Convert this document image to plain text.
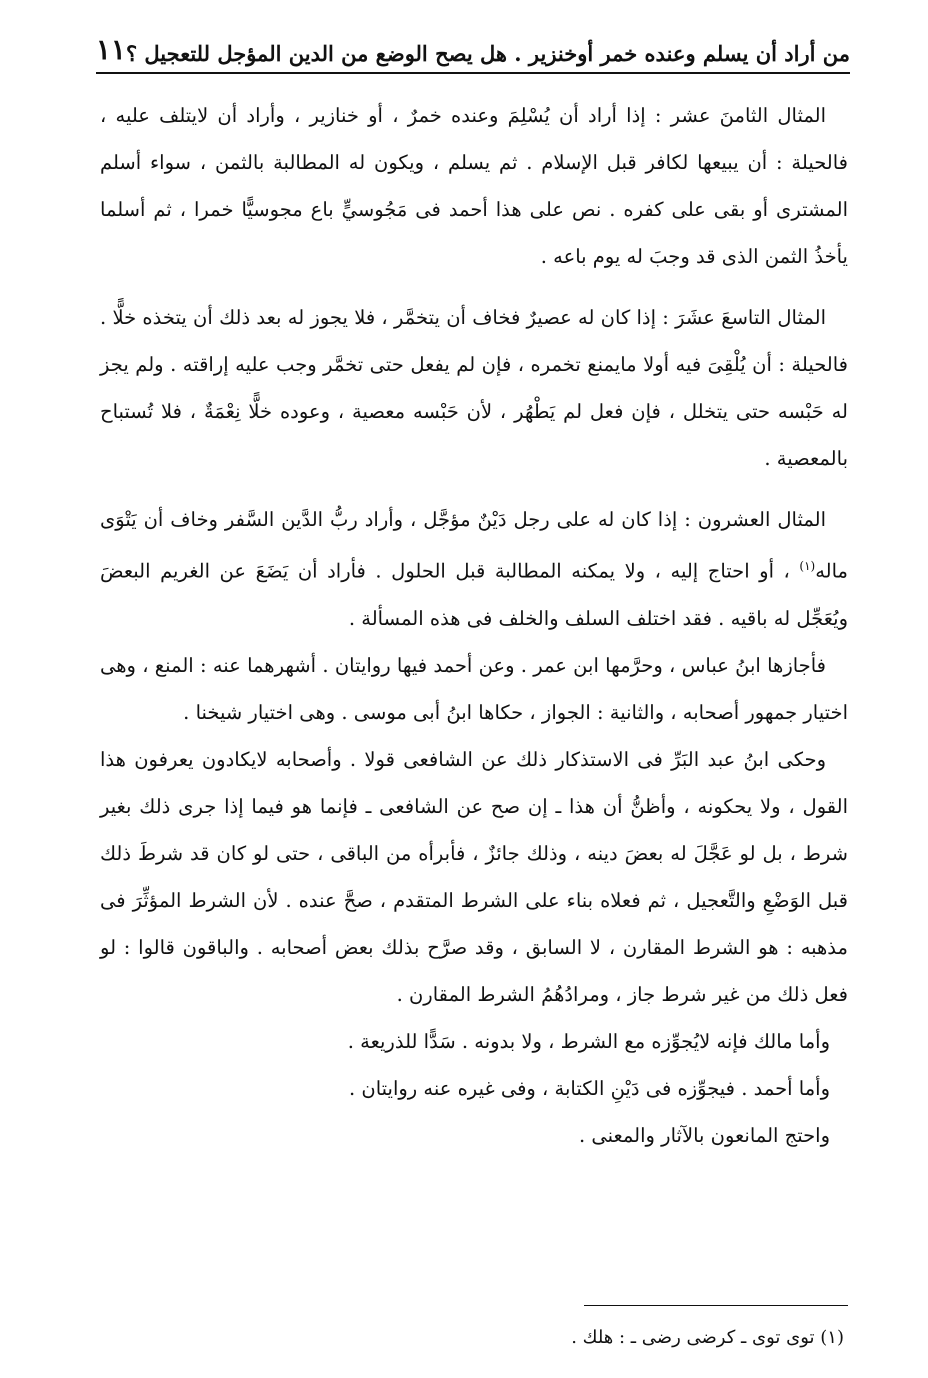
من أراد أن يسلم وعنده خمر أوخنزير . هل يصح الوضع من الدين المؤجل للتعجيل ؟
١١

المثال الثامنَ عشر : إذا أراد أن يُسْلِمَ وعنده خمرٌ ، أو خنازير ، وأراد أن لايتلف عليه ، فالحيلة : أن يبيعها لكافر قبل الإسلام . ثم يسلم ، ويكون له المطالبة بالثمن ، سواء أسلم المشترى أو بقى على كفره . نص على هذا أحمد فى مَجُوسيٍّ باع مجوسيًّا خمرا ، ثم أسلما يأخذُ الثمن الذى قد وجبَ له يوم باعه .

المثال التاسعَ عشَرَ : إذا كان له عصيرٌ فخاف أن يتخمَّر ، فلا يجوز له بعد ذلك أن يتخذه خلًّا . فالحيلة : أن يُلْقِىَ فيه أولا مايمنع تخمره ، فإن لم يفعل حتى تخمَّر وجب عليه إراقته . ولم يجز له حَبْسه حتى يتخلل ، فإن فعل لم يَطْهُر ، لأن حَبْسه معصية ، وعوده خلًّا نِعْمَةٌ ، فلا تُستباح بالمعصية .

المثال العشرون : إذا كان له على رجل دَيْنٌ مؤجَّل ، وأراد ربُّ الدَّين السَّفر وخاف أن يَتْوَى ماله$^{(١)}$ ، أو احتاج إليه ، ولا يمكنه المطالبة قبل الحلول . فأراد أن يَضَعَ عن الغريم البعضَ ويُعَجِّل له باقيه . فقد اختلف السلف والخلف فى هذه المسألة .

فأجازها ابنُ عباس ، وحرَّمها ابن عمر . وعن أحمد فيها روايتان . أشهرهما عنه : المنع ، وهى اختيار جمهور أصحابه ، والثانية : الجواز ، حكاها ابنُ أبى موسى . وهى اختيار شيخنا .

وحكى ابنُ عبد البَرِّ فى الاستذكار ذلك عن الشافعى قولا . وأصحابه لايكادون يعرفون هذا القول ، ولا يحكونه ، وأظنُّ أن هذا ـ إن صح عن الشافعى ـ فإنما هو فيما إذا جرى ذلك بغير شرط ، بل لو عَجَّلَ له بعضَ دينه ، وذلك جائزٌ ، فأبرأه من الباقى ، حتى لو كان قد شرطَ ذلك قبل الوَضْعِ والتَّعجيل ، ثم فعلاه بناء على الشرط المتقدم ، صحَّ عنده . لأن الشرط المؤثِّرَ فى مذهبه : هو الشرط المقارن ، لا السابق ، وقد صرَّح بذلك بعض أصحابه . والباقون قالوا : لو فعل ذلك من غير شرط جاز ، ومرادُهُمُ الشرط المقارن .

وأما مالك فإنه لايُجوِّزه مع الشرط ، ولا بدونه . سَدًّا للذريعة .

وأما أحمد . فيجوِّزه فى دَيْنِ الكتابة ، وفى غيره عنه روايتان .

واحتج المانعون بالآثار والمعنى .

(١) توى توى ـ كرضى رضى ـ : هلك .
